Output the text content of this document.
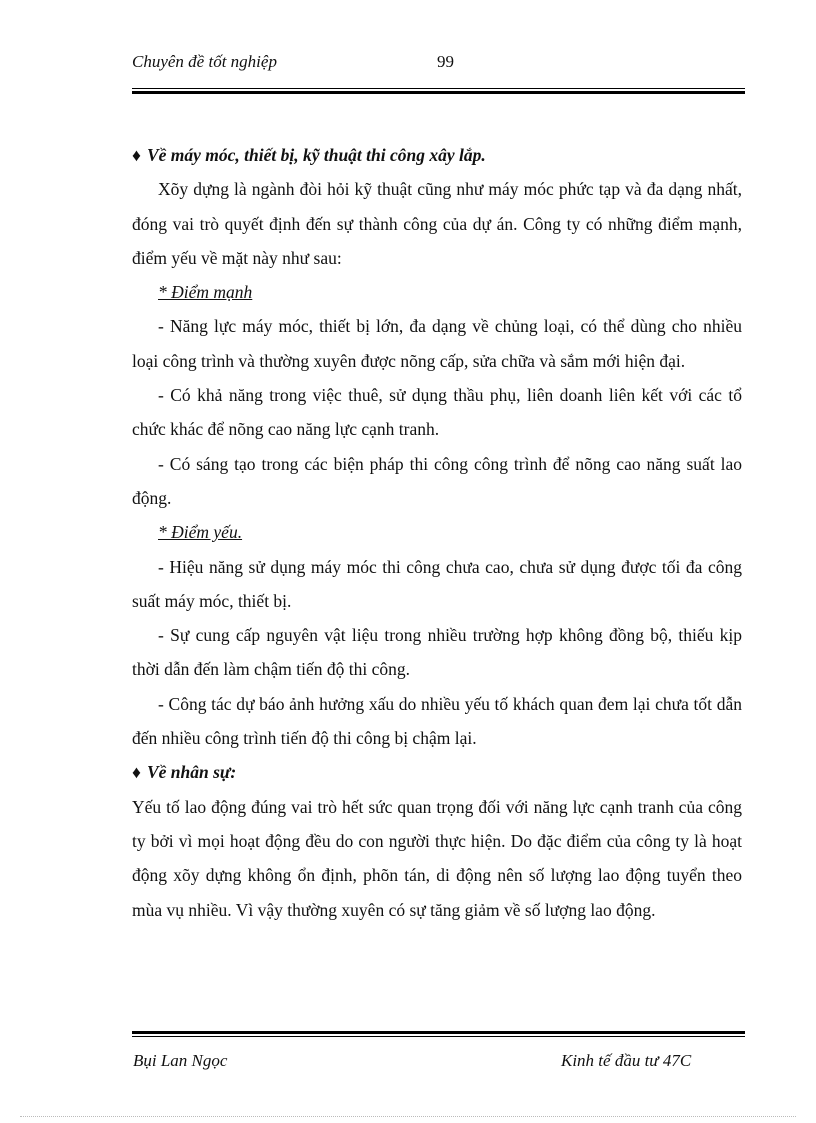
Chuyên đề tốt nghiệp	99

♦ Về máy móc, thiết bị, kỹ thuật thi công xây lắp.

Xõy dựng là ngành đòi hỏi kỹ thuật cũng như máy móc phức tạp và đa dạng nhất, đóng vai trò quyết định đến sự thành công của dự án. Công ty có những điểm mạnh, điểm yếu về mặt này như sau:

* Điểm mạnh

- Năng lực máy móc, thiết bị lớn, đa dạng về chủng loại, có thể dùng cho nhiều loại công trình và thường xuyên được nõng cấp, sửa chữa và sắm mới hiện đại.

- Có khả năng trong việc thuê, sử dụng thầu phụ, liên doanh liên kết với các tổ chức khác để nõng cao năng lực cạnh tranh.

- Có sáng tạo trong các biện pháp thi công công trình để nõng cao năng suất lao động.

* Điểm yếu.

- Hiệu năng sử dụng máy móc thi công chưa cao, chưa sử dụng được tối đa công suất máy móc, thiết bị.

- Sự cung cấp nguyên vật liệu trong nhiều trường hợp không đồng bộ, thiếu kịp thời dẫn đến làm chậm tiến độ thi công.

- Công tác dự báo ảnh hưởng xấu do nhiều yếu tố khách quan đem lại chưa tốt dẫn đến nhiều công trình tiến độ thi công bị chậm lại.

♦ Về nhân sự:

Yếu tố lao động đúng vai trò hết sức quan trọng đối với năng lực cạnh tranh của công ty bởi vì mọi hoạt động đều do con người thực hiện. Do đặc điểm của công ty là hoạt động xõy dựng không ổn định, phõn tán, di động nên số lượng lao động tuyển theo mùa vụ nhiều. Vì vậy thường xuyên có sự tăng giảm về số lượng lao động.

Bụi Lan Ngọc	Kinh tế đầu tư 47C
